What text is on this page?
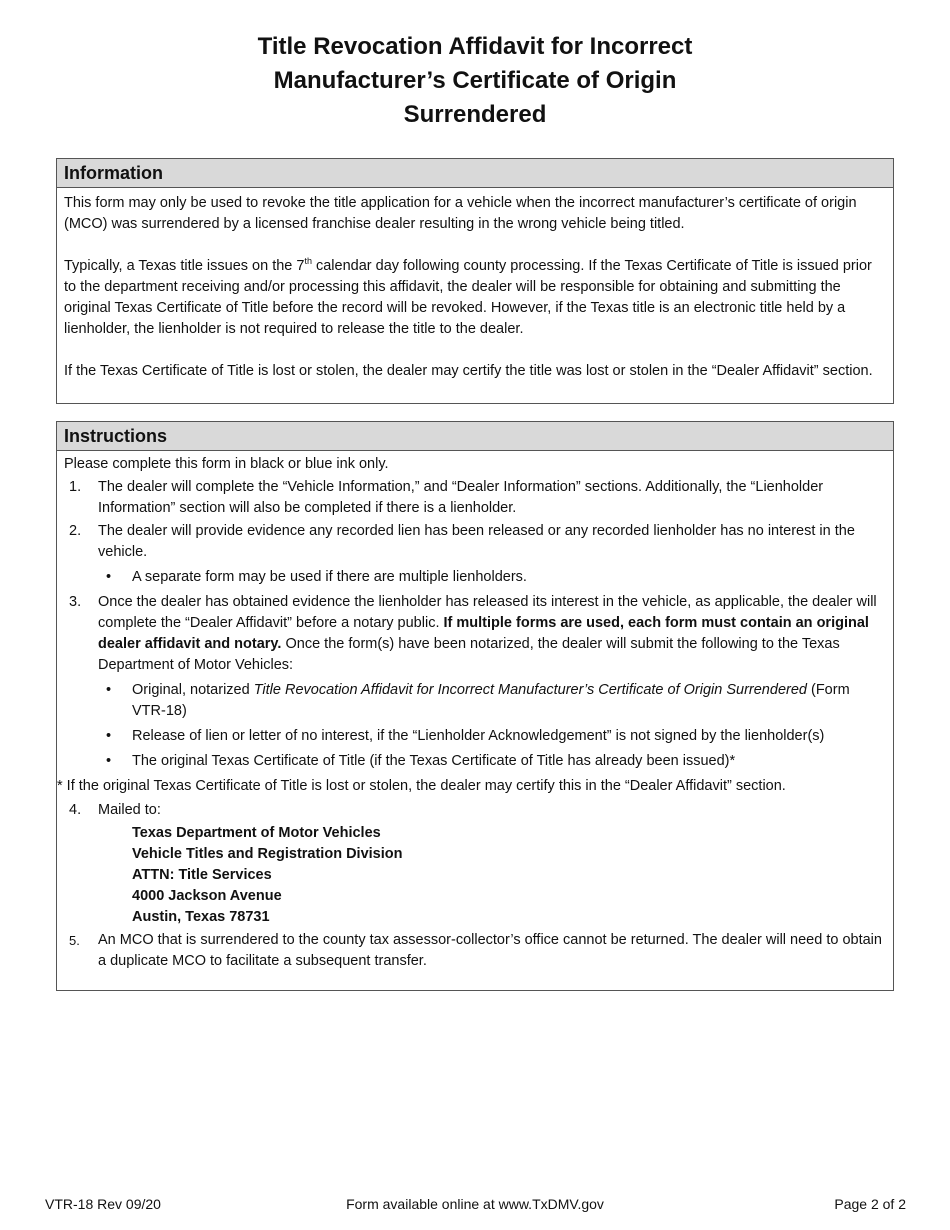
Title Revocation Affidavit for Incorrect
Manufacturer’s Certificate of Origin
Surrendered
Information

This form may only be used to revoke the title application for a vehicle when the incorrect manufacturer’s certificate of origin (MCO) was surrendered by a licensed franchise dealer resulting in the wrong vehicle being titled.

Typically, a Texas title issues on the 7th calendar day following county processing. If the Texas Certificate of Title is issued prior to the department receiving and/or processing this affidavit, the dealer will be responsible for obtaining and submitting the original Texas Certificate of Title before the record will be revoked. However, if the Texas title is an electronic title held by a lienholder, the lienholder is not required to release the title to the dealer.

If the Texas Certificate of Title is lost or stolen, the dealer may certify the title was lost or stolen in the “Dealer Affidavit” section.

Instructions
Please complete this form in black or blue ink only.
1. The dealer will complete the “Vehicle Information,” and “Dealer Information” sections. Additionally, the “Lienholder Information” section will also be completed if there is a lienholder.
2. The dealer will provide evidence any recorded lien has been released or any recorded lienholder has no interest in the vehicle.
• A separate form may be used if there are multiple lienholders.
3. Once the dealer has obtained evidence the lienholder has released its interest in the vehicle, as applicable, the dealer will complete the “Dealer Affidavit” before a notary public. If multiple forms are used, each form must contain an original dealer affidavit and notary. Once the form(s) have been notarized, the dealer will submit the following to the Texas Department of Motor Vehicles:
• Original, notarized Title Revocation Affidavit for Incorrect Manufacturer’s Certificate of Origin Surrendered (Form VTR-18)
• Release of lien or letter of no interest, if the “Lienholder Acknowledgement” is not signed by the lienholder(s)
• The original Texas Certificate of Title (if the Texas Certificate of Title has already been issued)*
* If the original Texas Certificate of Title is lost or stolen, the dealer may certify this in the “Dealer Affidavit” section.
4. Mailed to:
Texas Department of Motor Vehicles
Vehicle Titles and Registration Division
ATTN: Title Services
4000 Jackson Avenue
Austin, Texas 78731
5. An MCO that is surrendered to the county tax assessor-collector’s office cannot be returned. The dealer will need to obtain a duplicate MCO to facilitate a subsequent transfer.
Form available online at www.TxDMV.gov
VTR-18 Rev 09/20	Page 2 of 2
